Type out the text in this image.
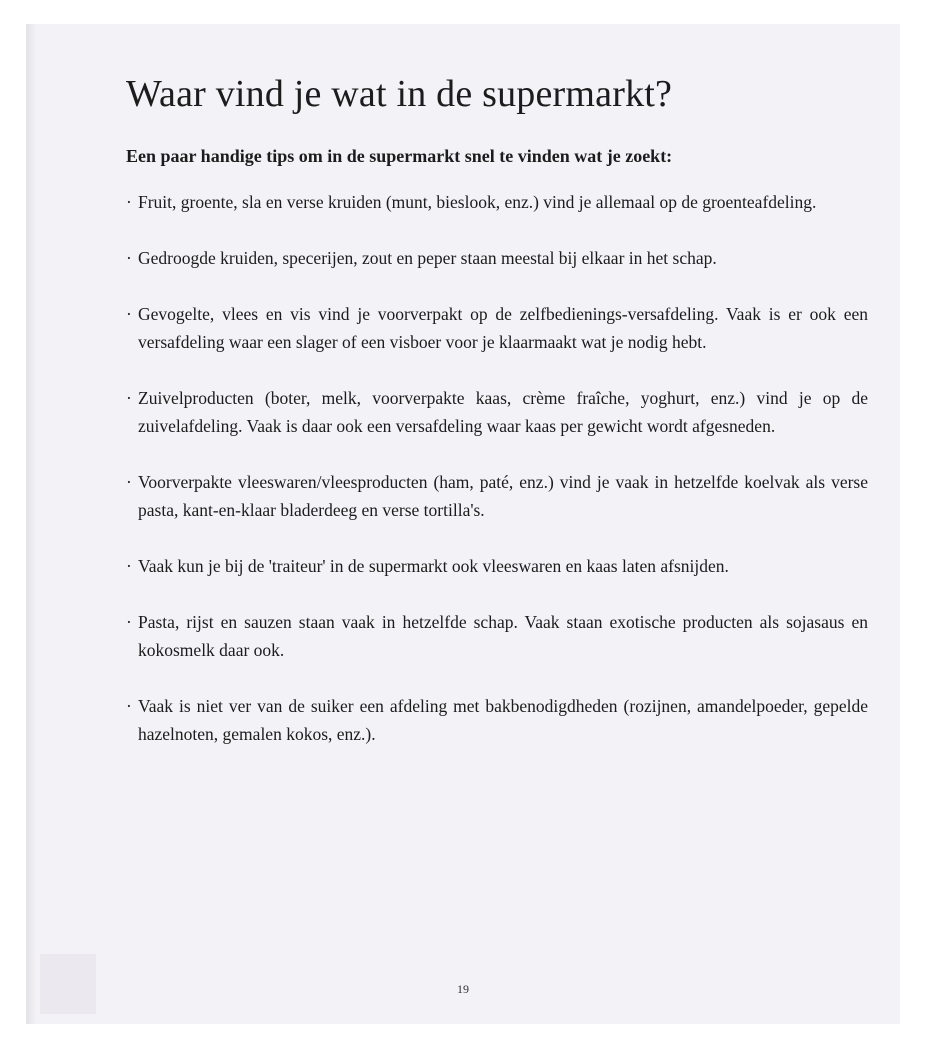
Waar vind je wat in de supermarkt?

Een paar handige tips om in de supermarkt snel te vinden wat je zoekt:

· Fruit, groente, sla en verse kruiden (munt, bieslook, enz.) vind je allemaal op de groenteafdeling.
· Gedroogde kruiden, specerijen, zout en peper staan meestal bij elkaar in het schap.
· Gevogelte, vlees en vis vind je voorverpakt op de zelfbedienings-versafdeling. Vaak is er ook een versafdeling waar een slager of een visboer voor je klaarmaakt wat je nodig hebt.
· Zuivelproducten (boter, melk, voorverpakte kaas, crème fraîche, yoghurt, enz.) vind je op de zuivelafdeling. Vaak is daar ook een versafdeling waar kaas per gewicht wordt afgesneden.
· Voorverpakte vleeswaren/vleesproducten (ham, paté, enz.) vind je vaak in hetzelfde koelvak als verse pasta, kant-en-klaar bladerdeeg en verse tortilla's.
· Vaak kun je bij de 'traiteur' in de supermarkt ook vleeswaren en kaas laten afsnijden.
· Pasta, rijst en sauzen staan vaak in hetzelfde schap. Vaak staan exotische producten als sojasaus en kokosmelk daar ook.
· Vaak is niet ver van de suiker een afdeling met bakbenodigdheden (rozijnen, amandelpoeder, gepelde hazelnoten, gemalen kokos, enz.).
19
